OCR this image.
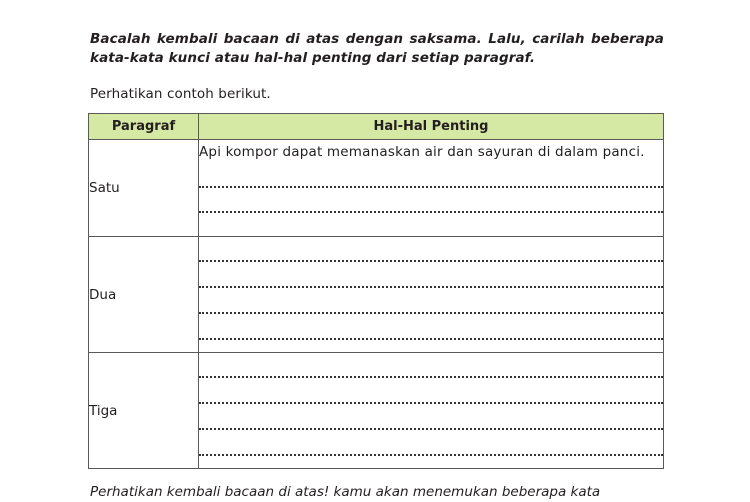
Bacalah kembali bacaan di atas dengan saksama. Lalu, carilah beberapa kata-kata kunci atau hal-hal penting dari setiap paragraf.
Perhatikan contoh berikut.
Paragraf	Hal-Hal Penting
Satu	Api kompor dapat memanaskan air dan sayuran di dalam panci.

Dua	

Tiga	
Perhatikan kembali bacaan di atas! kamu akan menemukan beberapa kata
